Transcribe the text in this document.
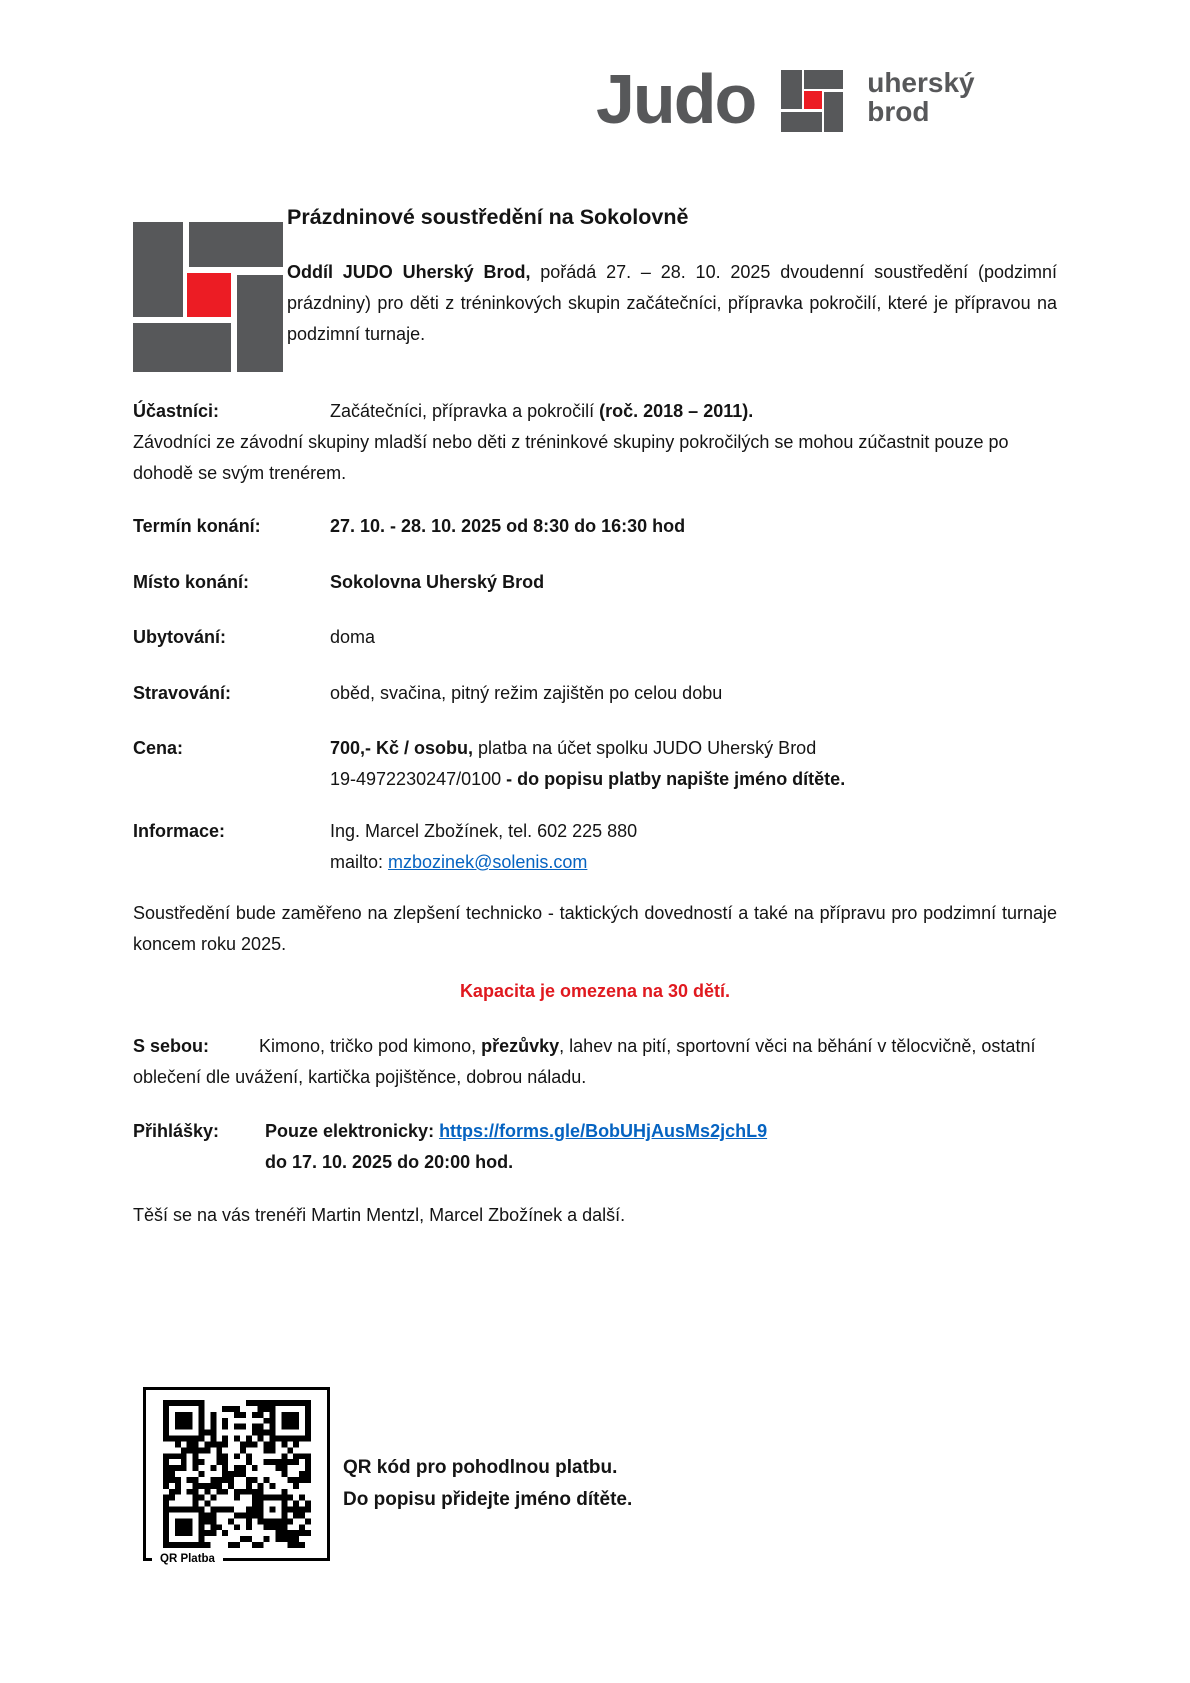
Judo	uherský
brod
Prázdninové soustředění na Sokolovně

Oddíl JUDO Uherský Brod, pořádá 27. – 28. 10. 2025 dvoudenní soustředění (podzimní prázdniny) pro děti z tréninkových skupin začátečníci, přípravka pokročilí, které je přípravou na podzimní turnaje.

Účastníci:	Začátečníci, přípravka a pokročilí (roč. 2018 – 2011).

Závodníci ze závodní skupiny mladší nebo děti z tréninkové skupiny pokročilých se mohou zúčastnit pouze po dohodě se svým trenérem.

Termín konání:	27. 10. - 28. 10. 2025 od 8:30 do 16:30 hod
Místo konání:	Sokolovna Uherský Brod
Ubytování:	doma
Stravování:	oběd, svačina, pitný režim zajištěn po celou dobu
Cena:	700,- Kč / osobu, platba na účet spolku JUDO Uherský Brod
19-4972230247/0100 - do popisu platby napište jméno dítěte.
Informace:	Ing. Marcel Zbožínek, tel. 602 225 880
mailto: mzbozinek@solenis.com

Soustředění bude zaměřeno na zlepšení technicko - taktických dovedností a také na přípravu pro podzimní turnaje koncem roku 2025.

Kapacita je omezena na 30 dětí.

S sebou:	Kimono, tričko pod kimono, přezůvky, lahev na pití, sportovní věci na běhání v tělocvičně, ostatní oblečení dle uvážení, kartička pojištěnce, dobrou náladu.

Přihlášky:	Pouze elektronicky: https://forms.gle/BobUHjAusMs2jchL9
do 17. 10. 2025 do 20:00 hod.

Těší se na vás trenéři Martin Mentzl, Marcel Zbožínek a další.

QR Platba
QR kód pro pohodlnou platbu.
Do popisu přidejte jméno dítěte.
